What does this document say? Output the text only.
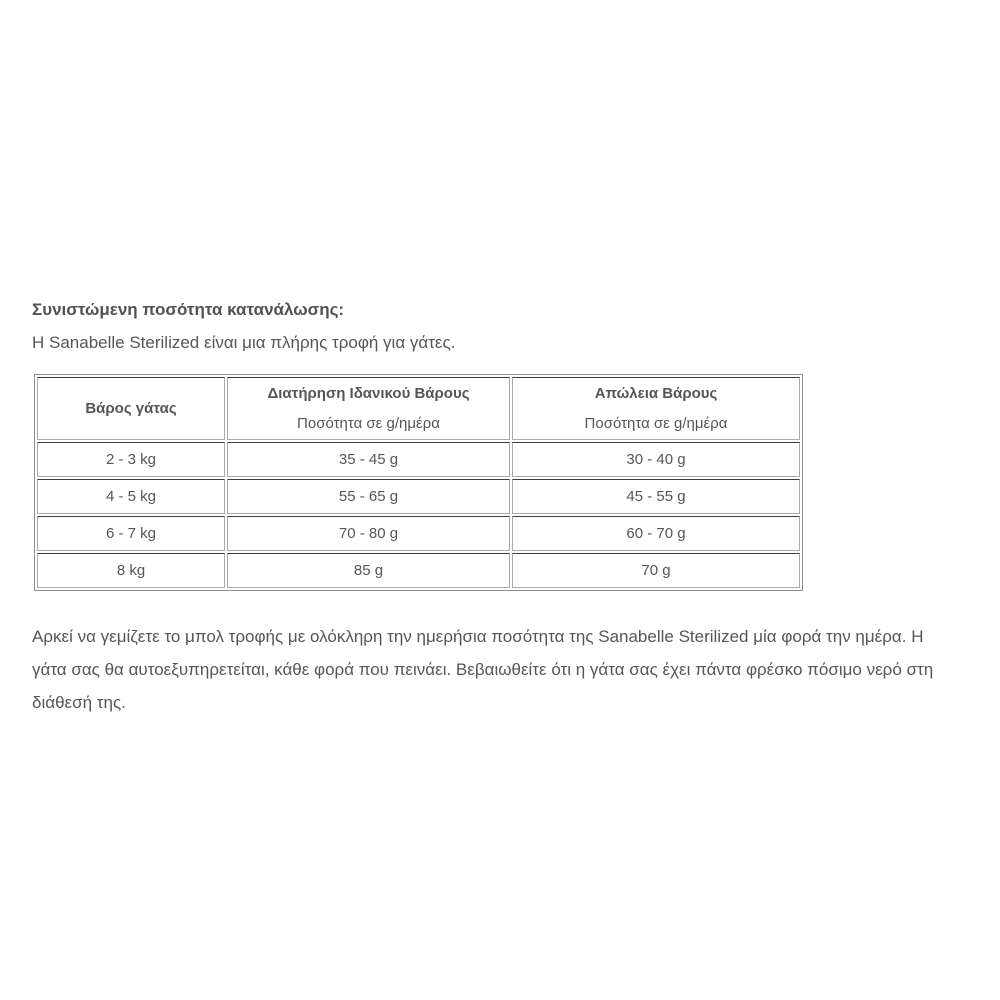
Συνιστώμενη ποσότητα κατανάλωσης:

Η Sanabelle Sterilized είναι μια πλήρης τροφή για γάτες.

Βάρος γάτας

Διατήρηση Ιδανικού Βάρους
Ποσότητα σε g/ημέρα

Απώλεια Βάρους
Ποσότητα σε g/ημέρα

2 - 3 kg	35 - 45 g	30 - 40 g
4 - 5 kg	55 - 65 g	45 - 55 g
6 - 7 kg	70 - 80 g	60 - 70 g
8 kg	85 g	70 g

Αρκεί να γεμίζετε το μπολ τροφής με ολόκληρη την ημερήσια ποσότητα της Sanabelle Sterilized μία φορά την ημέρα. Η γάτα σας θα αυτοεξυπηρετείται, κάθε φορά που πεινάει. Βεβαιωθείτε ότι η γάτα σας έχει πάντα φρέσκο πόσιμο νερό στη διάθεσή της.
